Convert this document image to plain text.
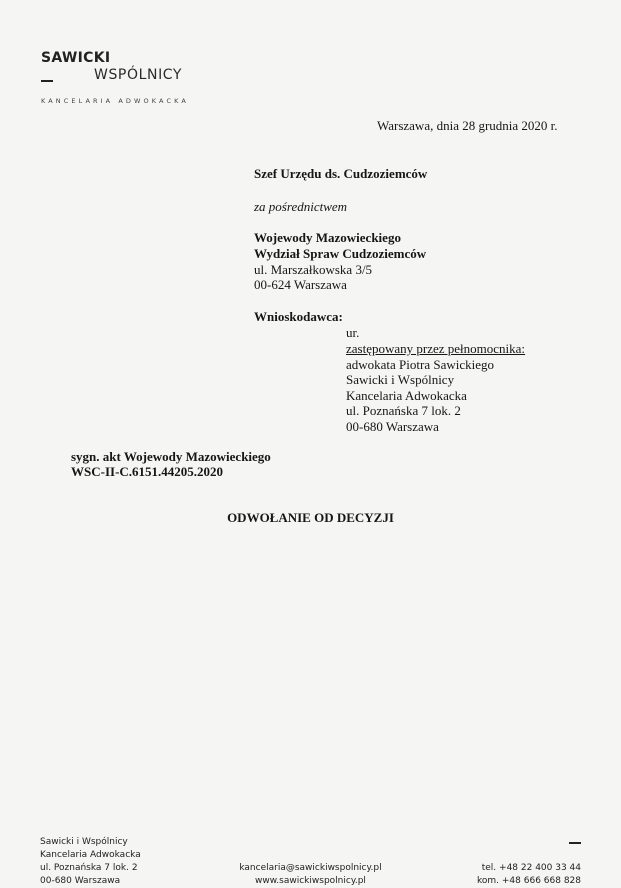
SAWICKI
WSPÓLNICY
KANCELARIA ADWOKACKA
Warszawa, dnia 28 grudnia 2020 r.
Szef Urzędu ds. Cudzoziemców
za pośrednictwem
Wojewody Mazowieckiego
Wydział Spraw Cudzoziemców
ul. Marszałkowska 3/5
00-624 Warszawa
Wnioskodawca:
ur.
zastępowany przez pełnomocnika:
adwokata Piotra Sawickiego
Sawicki i Wspólnicy
Kancelaria Adwokacka
ul. Poznańska 7 lok. 2
00-680 Warszawa
sygn. akt Wojewody Mazowieckiego
WSC-II-C.6151.44205.2020
ODWOŁANIE OD DECYZJI
Sawicki i Wspólnicy
Kancelaria Adwokacka
ul. Poznańska 7 lok. 2
00-680 Warszawa
kancelaria@sawickiwspolnicy.pl
www.sawickiwspolnicy.pl
tel. +48 22 400 33 44
kom. +48 666 668 828
